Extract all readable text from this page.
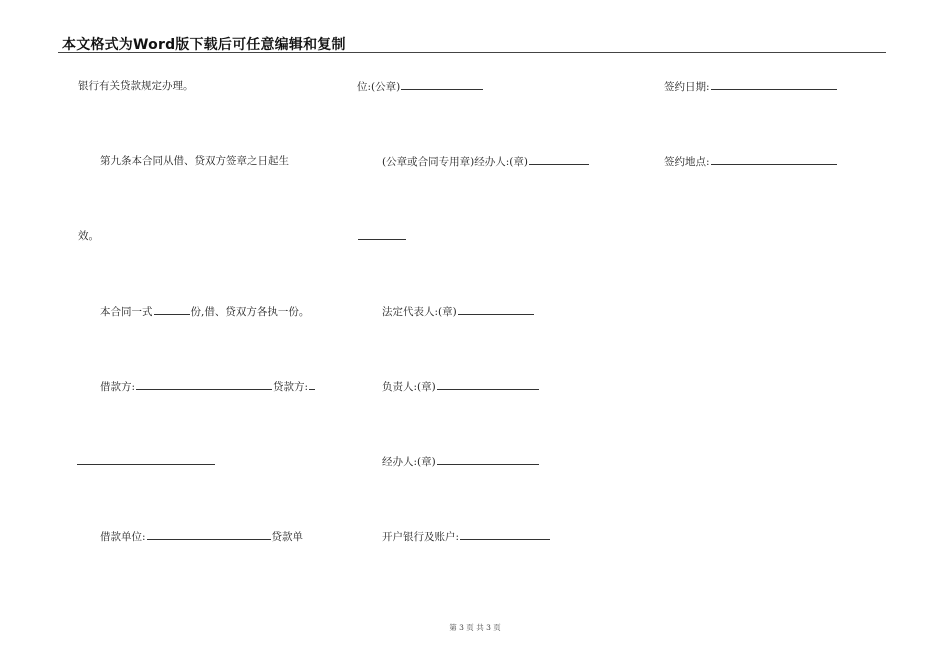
本文格式为Word版下载后可任意编辑和复制
银行有关贷款规定办理。
第九条本合同从借、贷双方签章之日起生
效。
本合同一式	份,借、贷双方各执一份。
借款方:	贷款方:
借款单位:	贷款单
位:(公章)
(公章或合同专用章)经办人:(章)
法定代表人:(章)
负责人:(章)
经办人:(章)
开户银行及账户:
签约日期:
签约地点:
第 3 页 共 3 页
